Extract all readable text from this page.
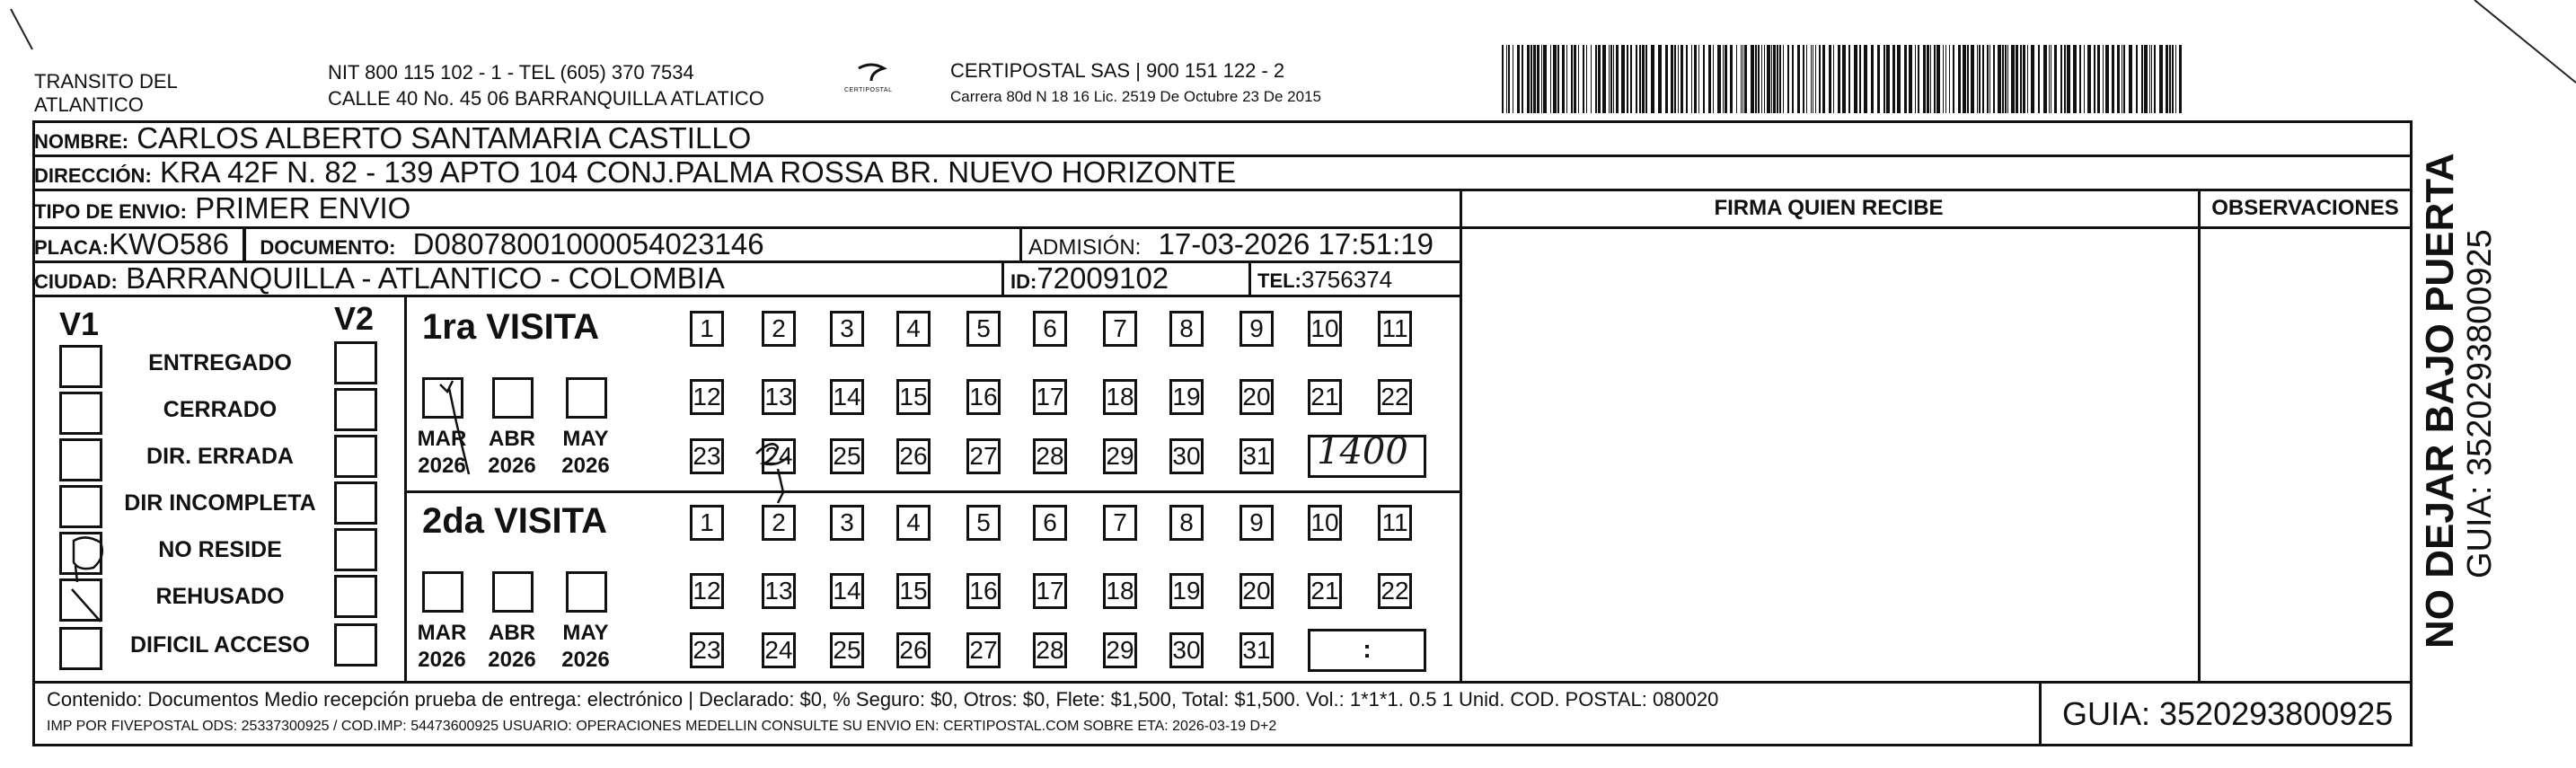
TRANSITO DEL
ATLANTICO
NIT 800 115 102 - 1 - TEL (605) 370 7534
CALLE 40 No. 45 06 BARRANQUILLA ATLATICO	CERTIPOSTAL
CERTIPOSTAL SAS | 900 151 122 - 2
Carrera 80d N 18 16 Lic. 2519 De Octubre 23 De 2015
NOMBRE: CARLOS ALBERTO SANTAMARIA CASTILLO
DIRECCIÓN: KRA 42F N. 82 - 139 APTO 104 CONJ.PALMA ROSSA BR. NUEVO HORIZONTE
TIPO DE ENVIO: PRIMER ENVIO	FIRMA QUIEN RECIBE	OBSERVACIONES
PLACA:KWO586 DOCUMENTO: D08078001000054023146	ADMISIÓN: 17-03-2026 17:51:19
CIUDAD: BARRANQUILLA - ATLANTICO - COLOMBIA	ID:72009102	TEL:3756374
V1	V2
ENTREGADO
CERRADO
DIR. ERRADA
DIR INCOMPLETA
NO RESIDE
REHUSADO
DIFICIL ACCESO
1ra VISITA
MAR
2026
ABR
2026
MAY
2026
1	2	3	4	5	6	7	8	9	10 11
12 13 14 15 16 17 18 19 20 21 22
23 24 25 26 27 28 29 30 31
2da VISITA
MAR
2026
ABR
2026
MAY
2026
1	2	3	4	5	6	7	8	9	10 11
12 13 14 15 16 17 18 19 20 21 22
23 24 25 26 27 28 29 30 31	:
1400
Contenido: Documentos Medio recepción prueba de entrega: electrónico | Declarado: $0, % Seguro: $0, Otros: $0, Flete: $1,500, Total: $1,500. Vol.: 1*1*1. 0.5 1 Unid. COD. POSTAL: 080020
IMP POR FIVEPOSTAL ODS: 25337300925 / COD.IMP: 54473600925 USUARIO: OPERACIONES MEDELLIN CONSULTE SU ENVIO EN: CERTIPOSTAL.COM SOBRE ETA: 2026-03-19 D+2	GUIA: 3520293800925
NO DEJAR BAJO PUERTA GUIA: 3520293800925
